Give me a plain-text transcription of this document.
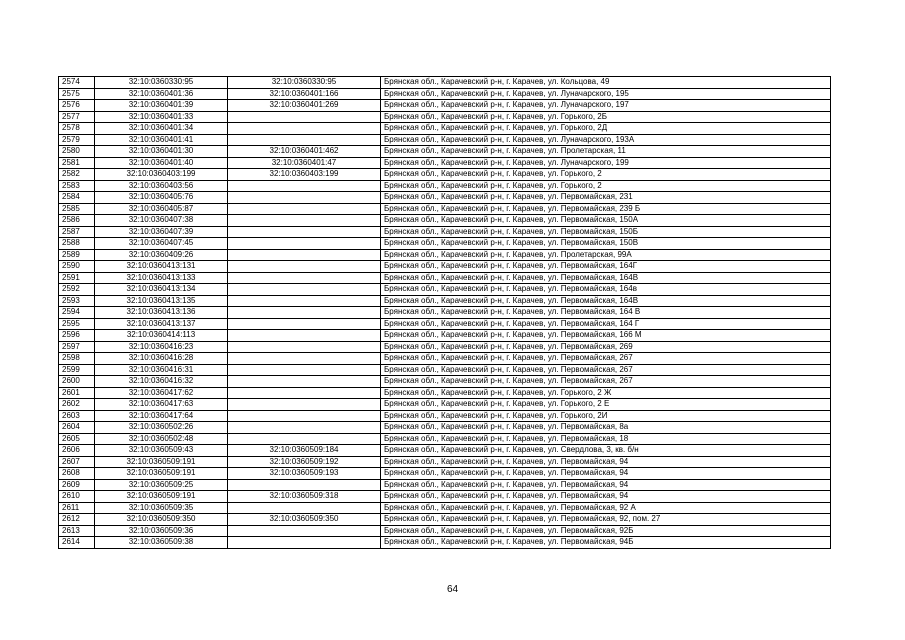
2574	32:10:0360330:95	32:10:0360330:95	Брянская обл., Карачевский р-н, г. Карачев, ул. Кольцова, 49
2575	32:10:0360401:36	32:10:0360401:166	Брянская обл., Карачевский р-н, г. Карачев, ул. Луначарского, 195
2576	32:10:0360401:39	32:10:0360401:269	Брянская обл., Карачевский р-н, г. Карачев, ул. Луначарского, 197
2577	32:10:0360401:33		Брянская обл., Карачевский р-н, г. Карачев, ул. Горького, 2Б
2578	32:10:0360401:34		Брянская обл., Карачевский р-н, г. Карачев, ул. Горького, 2Д
2579	32:10:0360401:41		Брянская обл., Карачевский р-н, г. Карачев, ул. Луначарского, 193А
2580	32:10:0360401:30	32:10:0360401:462	Брянская обл., Карачевский р-н, г. Карачев, ул. Пролетарская, 11
2581	32:10:0360401:40	32:10:0360401:47	Брянская обл., Карачевский р-н, г. Карачев, ул. Луначарского, 199
2582	32:10:0360403:199	32:10:0360403:199	Брянская обл., Карачевский р-н, г. Карачев, ул. Горького, 2
2583	32:10:0360403:56		Брянская обл., Карачевский р-н, г. Карачев, ул. Горького, 2
2584	32:10:0360405:76		Брянская обл., Карачевский р-н, г. Карачев, ул. Первомайская, 231
2585	32:10:0360405:87		Брянская обл., Карачевский р-н, г. Карачев, ул. Первомайская, 239 Б
2586	32:10:0360407:38		Брянская обл., Карачевский р-н, г. Карачев, ул. Первомайская, 150А
2587	32:10:0360407:39		Брянская обл., Карачевский р-н, г. Карачев, ул. Первомайская, 150Б
2588	32:10:0360407:45		Брянская обл., Карачевский р-н, г. Карачев, ул. Первомайская, 150В
2589	32:10:0360409:26		Брянская обл., Карачевский р-н, г. Карачев, ул. Пролетарская, 99А
2590	32:10:0360413:131		Брянская обл., Карачевский р-н, г. Карачев, ул. Первомайская, 164Г
2591	32:10:0360413:133		Брянская обл., Карачевский р-н, г. Карачев, ул. Первомайская, 164В
2592	32:10:0360413:134		Брянская обл., Карачевский р-н, г. Карачев, ул. Первомайская, 164в
2593	32:10:0360413:135		Брянская обл., Карачевский р-н, г. Карачев, ул. Первомайская, 164В
2594	32:10:0360413:136		Брянская обл., Карачевский р-н, г. Карачев, ул. Первомайская, 164 В
2595	32:10:0360413:137		Брянская обл., Карачевский р-н, г. Карачев, ул. Первомайская, 164 Г
2596	32:10:0360414:113		Брянская обл., Карачевский р-н, г. Карачев, ул. Первомайская, 166 М
2597	32:10:0360416:23		Брянская обл., Карачевский р-н, г. Карачев, ул. Первомайская, 269
2598	32:10:0360416:28		Брянская обл., Карачевский р-н, г. Карачев, ул. Первомайская, 267
2599	32:10:0360416:31		Брянская обл., Карачевский р-н, г. Карачев, ул. Первомайская, 267
2600	32:10:0360416:32		Брянская обл., Карачевский р-н, г. Карачев, ул. Первомайская, 267
2601	32:10:0360417:62		Брянская обл., Карачевский р-н, г. Карачев, ул. Горького, 2 Ж
2602	32:10:0360417:63		Брянская обл., Карачевский р-н, г. Карачев, ул. Горького, 2 Е
2603	32:10:0360417:64		Брянская обл., Карачевский р-н, г. Карачев, ул. Горького, 2И
2604	32:10:0360502:26		Брянская обл., Карачевский р-н, г. Карачев, ул. Первомайская, 8а
2605	32:10:0360502:48		Брянская обл., Карачевский р-н, г. Карачев, ул. Первомайская, 18
2606	32:10:0360509:43	32:10:0360509:184	Брянская обл., Карачевский р-н, г. Карачев, ул. Свердлова, 3, кв. б/н
2607	32:10:0360509:191	32:10:0360509:192	Брянская обл., Карачевский р-н, г. Карачев, ул. Первомайская, 94
2608	32:10:0360509:191	32:10:0360509:193	Брянская обл., Карачевский р-н, г. Карачев, ул. Первомайская, 94
2609	32:10:0360509:25		Брянская обл., Карачевский р-н, г. Карачев, ул. Первомайская, 94
2610	32:10:0360509:191	32:10:0360509:318	Брянская обл., Карачевский р-н, г. Карачев, ул. Первомайская, 94
2611	32:10:0360509:35		Брянская обл., Карачевский р-н, г. Карачев, ул. Первомайская, 92 А
2612	32:10:0360509:350	32:10:0360509:350	Брянская обл., Карачевский р-н, г. Карачев, ул. Первомайская, 92, пом. 27
2613	32:10:0360509:36		Брянская обл., Карачевский р-н, г. Карачев, ул. Первомайская, 92Б
2614	32:10:0360509:38		Брянская обл., Карачевский р-н, г. Карачев, ул. Первомайская, 94Б
64
